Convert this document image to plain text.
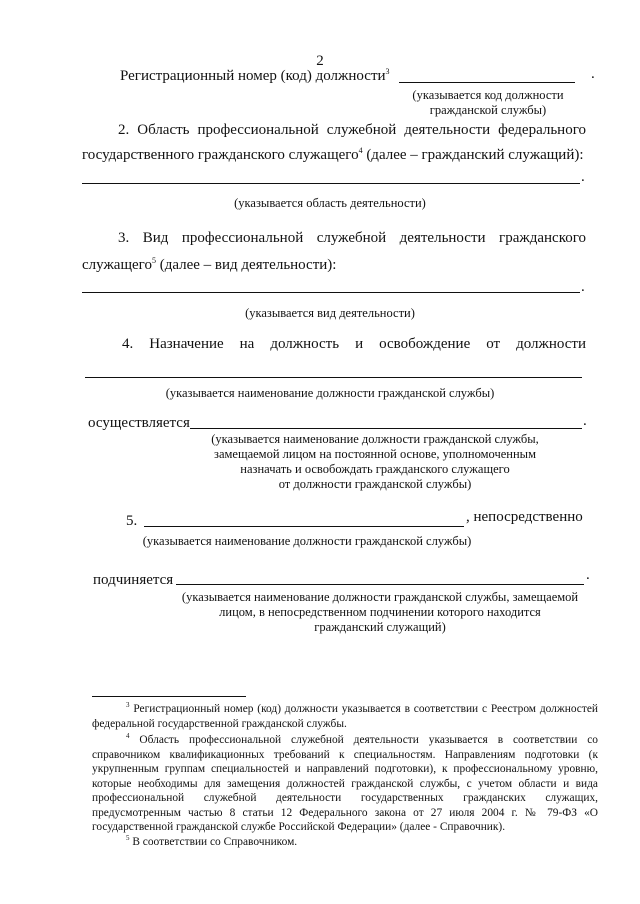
2
Регистрационный номер (код) должности$^3$	.
(указывается код должности
гражданской службы)
2. Область профессиональной служебной деятельности федерального
государственного гражданского служащего$^4$ (далее – гражданский служащий):
.
(указывается область деятельности)
3. Вид профессиональной служебной деятельности гражданского
служащего$^5$ (далее – вид деятельности):
.
(указывается вид деятельности)
4. Назначение на должность и освобождение от должности
(указывается наименование должности гражданской службы)
осуществляется	.
(указывается наименование должности гражданской службы,
замещаемой лицом на постоянной основе, уполномоченным
назначать и освобождать гражданского служащего
от должности гражданской службы)
5.	, непосредственно
(указывается наименование должности гражданской службы)
подчиняется	.
(указывается наименование должности гражданской службы, замещаемой
лицом, в непосредственном подчинении которого находится
гражданский служащий)
$^3$ Регистрационный номер (код) должности указывается в соответствии с Реестром должностей федеральной государственной гражданской службы.
$^4$ Область профессиональной служебной деятельности указывается в соответствии со справочником квалификационных требований к специальностям. Направлениям подготовки (к укрупненным группам специальностей и направлений подготовки), к профессиональному уровню, которые необходимы для замещения должностей гражданской службы, с учетом области и вида профессиональной служебной деятельности государственных гражданских служащих, предусмотренным частью 8 статьи 12 Федерального закона от 27 июля 2004 г. № 79-ФЗ «О государственной гражданской службе Российской Федерации» (далее - Справочник).
$^5$ В соответствии со Справочником.
